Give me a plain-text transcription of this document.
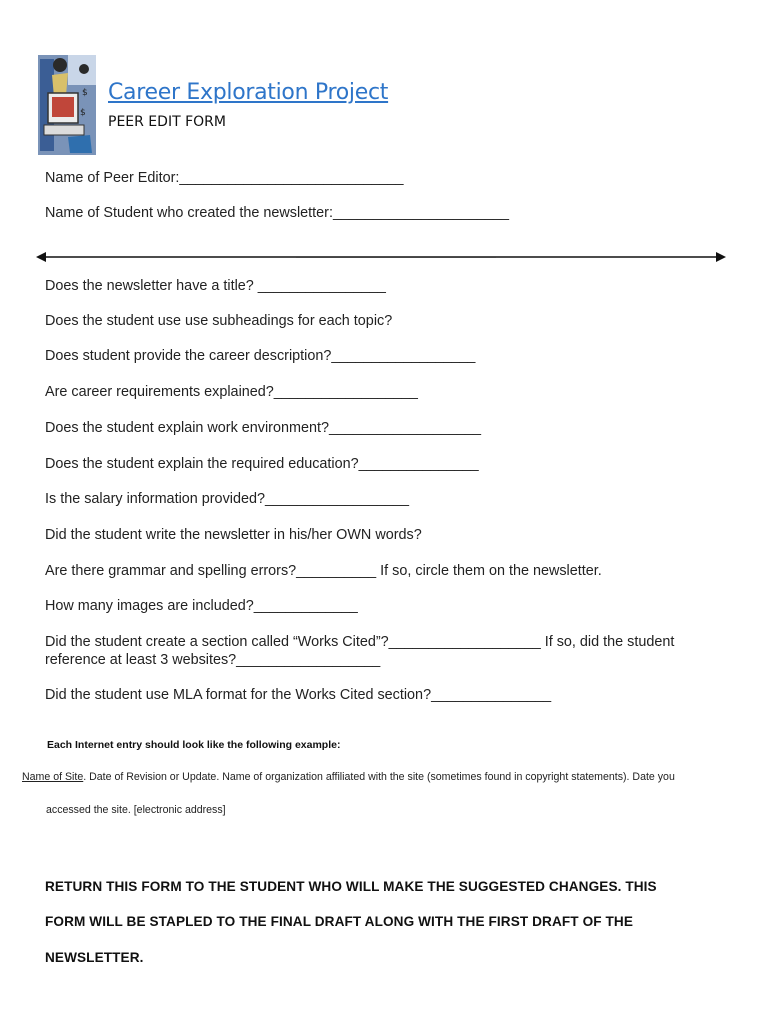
$
$
Career Exploration Project
PEER EDIT FORM
Name of Peer Editor:____________________________
Name of Student who created the newsletter:______________________
Does the newsletter have a title? ________________
Does the student use use subheadings for each topic?
Does student provide the career description?__________________
Are career requirements explained?__________________
Does the student explain work environment?___________________
Does the student explain the required education?_______________
Is the salary information provided?__________________
Did the student write the newsletter in his/her OWN words?
Are there grammar and spelling errors?__________ If so, circle them on the newsletter.
How many images are included?_____________
Did the student create a section called “Works Cited”?___________________ If so, did the student
reference at least 3 websites?__________________
Did the student use MLA format for the Works Cited section?_______________
Each Internet entry should look like the following example:
Name of Site. Date of Revision or Update. Name of organization affiliated with the site (sometimes found in copyright statements). Date you
accessed the site. [electronic address]
RETURN THIS FORM TO THE STUDENT WHO WILL MAKE THE SUGGESTED CHANGES. THIS
FORM WILL BE STAPLED TO THE FINAL DRAFT ALONG WITH THE FIRST DRAFT OF THE
NEWSLETTER.
